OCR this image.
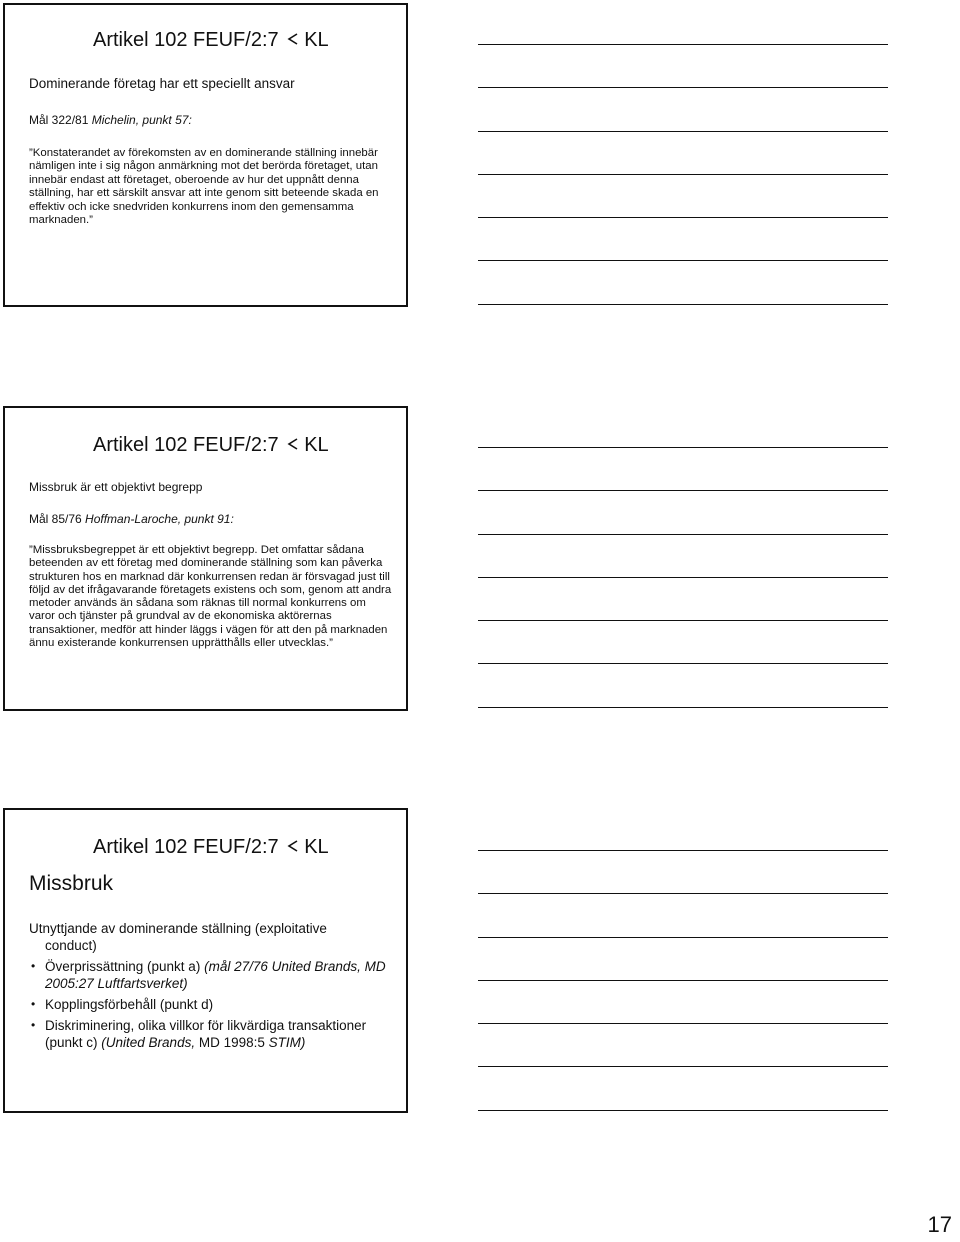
Artikel 102 FEUF/2:7 KL
Dominerande företag har ett speciellt ansvar
Mål 322/81 Michelin, punkt 57:
”Konstaterandet av förekomsten av en dominerande ställning innebär nämligen inte i sig någon anmärkning mot det berörda företaget, utan innebär endast att företaget, oberoende av hur det uppnått denna ställning, har ett särskilt ansvar att inte genom sitt beteende skada en effektiv och icke snedvriden konkurrens inom den gemensamma marknaden.”
Artikel 102 FEUF/2:7 KL
Missbruk är ett objektivt begrepp
Mål 85/76 Hoffman-Laroche, punkt 91:
”Missbruksbegreppet är ett objektivt begrepp. Det omfattar sådana beteenden av ett företag med dominerande ställning som kan påverka strukturen hos en marknad där konkurrensen redan är försvagad just till följd av det ifrågavarande företagets existens och som, genom att andra metoder används än sådana som räknas till normal konkurrens om varor och tjänster på grundval av de ekonomiska aktörernas transaktioner, medför att hinder läggs i vägen för att den på marknaden ännu existerande konkurrensen upprätthålls eller utvecklas.”
Artikel 102 FEUF/2:7 KL
Missbruk

Utnyttjande av dominerande ställning (exploitative
conduct)

• Överprissättning (punkt a) (mål 27/76 United Brands, MD 2005:27 Luftfartsverket)
• Kopplingsförbehåll (punkt d)
• Diskriminering, olika villkor för likvärdiga transaktioner (punkt c) (United Brands, MD 1998:5 STIM)
17
